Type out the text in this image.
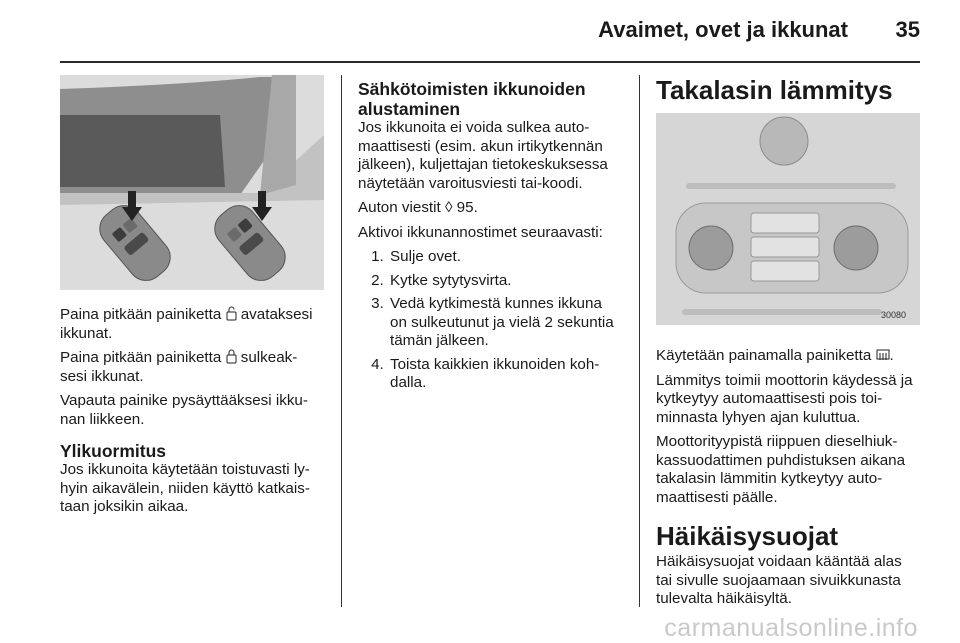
Avaimet, ovet ja ikkunat 35

Paina pitkään painiketta  avataksesi ikkunat.

Paina pitkään painiketta  sulkeak-sesi ikkunat.

Vapauta painike pysäyttääksesi ikku-nan liikkeen.

Ylikuormitus

Jos ikkunoita käytetään toistuvasti ly-hyin aikavälein, niiden käyttö katkais-taan joksikin aikaa.

Sähkötoimisten ikkunoiden
alustaminen

Jos ikkunoita ei voida sulkea auto-maattisesti (esim. akun irtikytkennän jälkeen), kuljettajan tietokeskuksessa näytetään varoitusviesti tai-koodi.

Auton viestit ◊ 95.

Aktivoi ikkunannostimet seuraavasti:

1. Sulje ovet.
2. Kytke sytytysvirta.
3. Vedä kytkimestä kunnes ikkuna on sulkeutunut ja vielä 2 sekuntia tämän jälkeen.
4. Toista kaikkien ikkunoiden koh-dalla.
Takalasin lämmitys
30080

Käytetään painamalla painiketta .

Lämmitys toimii moottorin käydessä ja kytkeytyy automaattisesti pois toi-minnasta lyhyen ajan kuluttua.

Moottorityypistä riippuen dieselhiuk-kassuodattimen puhdistuksen aikana takalasin lämmitin kytkeytyy auto-maattisesti päälle.

Häikäisysuojat

Häikäisysuojat voidaan kääntää alas tai sivulle suojaamaan sivuikkunasta tulevalta häikäisyltä.

carmanualsonline.info
